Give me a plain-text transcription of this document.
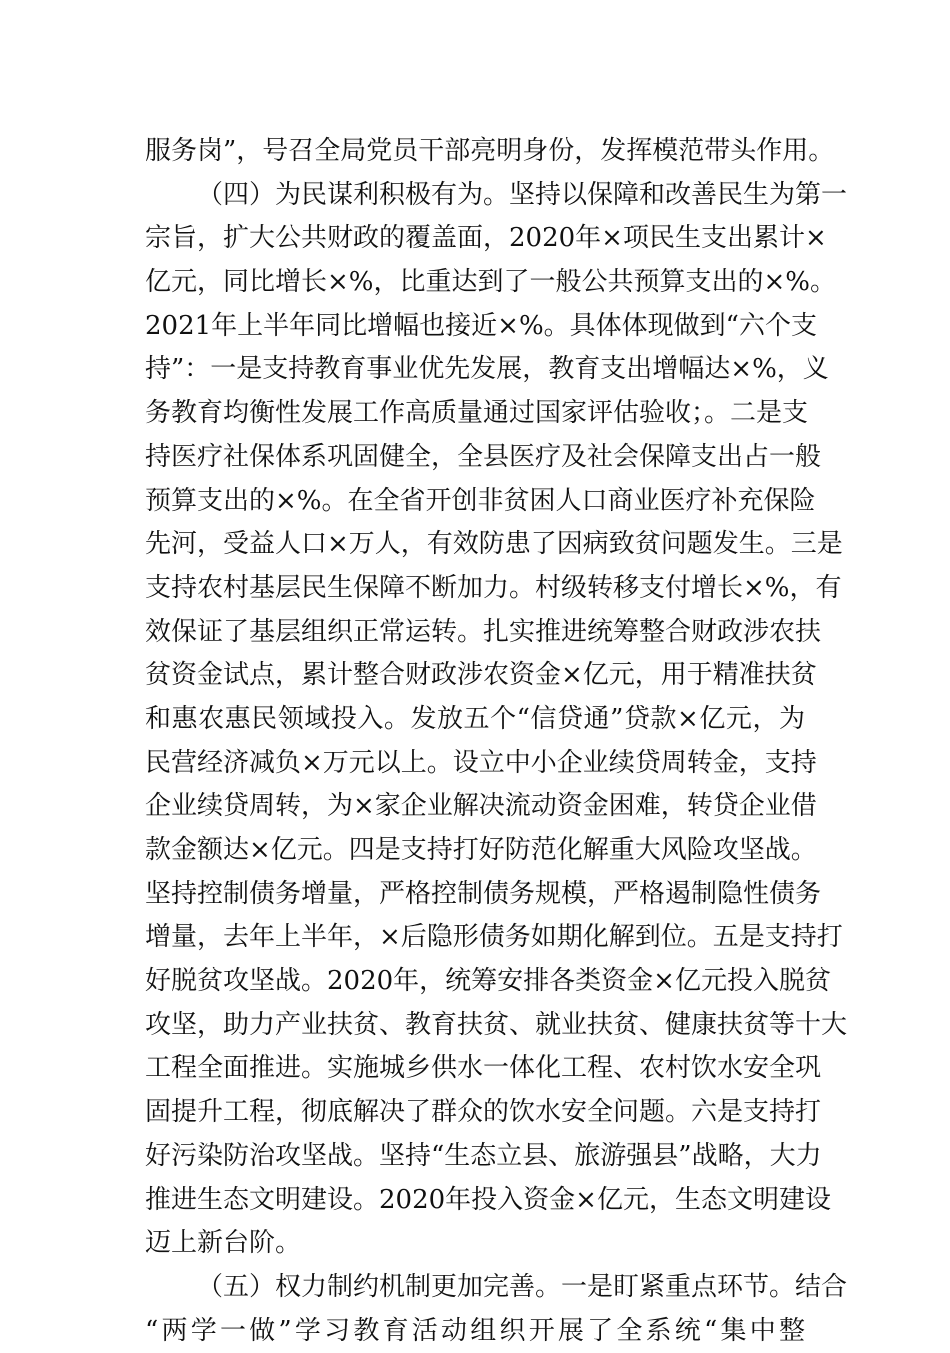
服务岗”，号召全局党员干部亮明身份，发挥模范带头作用。
（四）为民谋利积极有为。坚持以保障和改善民生为第一
宗旨，扩大公共财政的覆盖面，2020年×项民生支出累计×
亿元，同比增长×%，比重达到了一般公共预算支出的×%。
2021年上半年同比增幅也接近×%。具体体现做到“六个支
持”：一是支持教育事业优先发展，教育支出增幅达×%，义
务教育均衡性发展工作高质量通过国家评估验收；。二是支
持医疗社保体系巩固健全，全县医疗及社会保障支出占一般
预算支出的×%。在全省开创非贫困人口商业医疗补充保险
先河，受益人口×万人，有效防患了因病致贫问题发生。三是
支持农村基层民生保障不断加力。村级转移支付增长×%，有
效保证了基层组织正常运转。扎实推进统筹整合财政涉农扶
贫资金试点，累计整合财政涉农资金×亿元，用于精准扶贫
和惠农惠民领域投入。发放五个“信贷通”贷款×亿元，为
民营经济减负×万元以上。设立中小企业续贷周转金，支持
企业续贷周转，为×家企业解决流动资金困难，转贷企业借
款金额达×亿元。四是支持打好防范化解重大风险攻坚战。
坚持控制债务增量，严格控制债务规模，严格遏制隐性债务
增量，去年上半年，×后隐形债务如期化解到位。五是支持打
好脱贫攻坚战。2020年，统筹安排各类资金×亿元投入脱贫
攻坚，助力产业扶贫、教育扶贫、就业扶贫、健康扶贫等十大
工程全面推进。实施城乡供水一体化工程、农村饮水安全巩
固提升工程，彻底解决了群众的饮水安全问题。六是支持打
好污染防治攻坚战。坚持“生态立县、旅游强县”战略，大力
推进生态文明建设。2020年投入资金×亿元，生态文明建设
迈上新台阶。
（五）权力制约机制更加完善。一是盯紧重点环节。结合
“两学一做”学习教育活动组织开展了全系统“集中整
